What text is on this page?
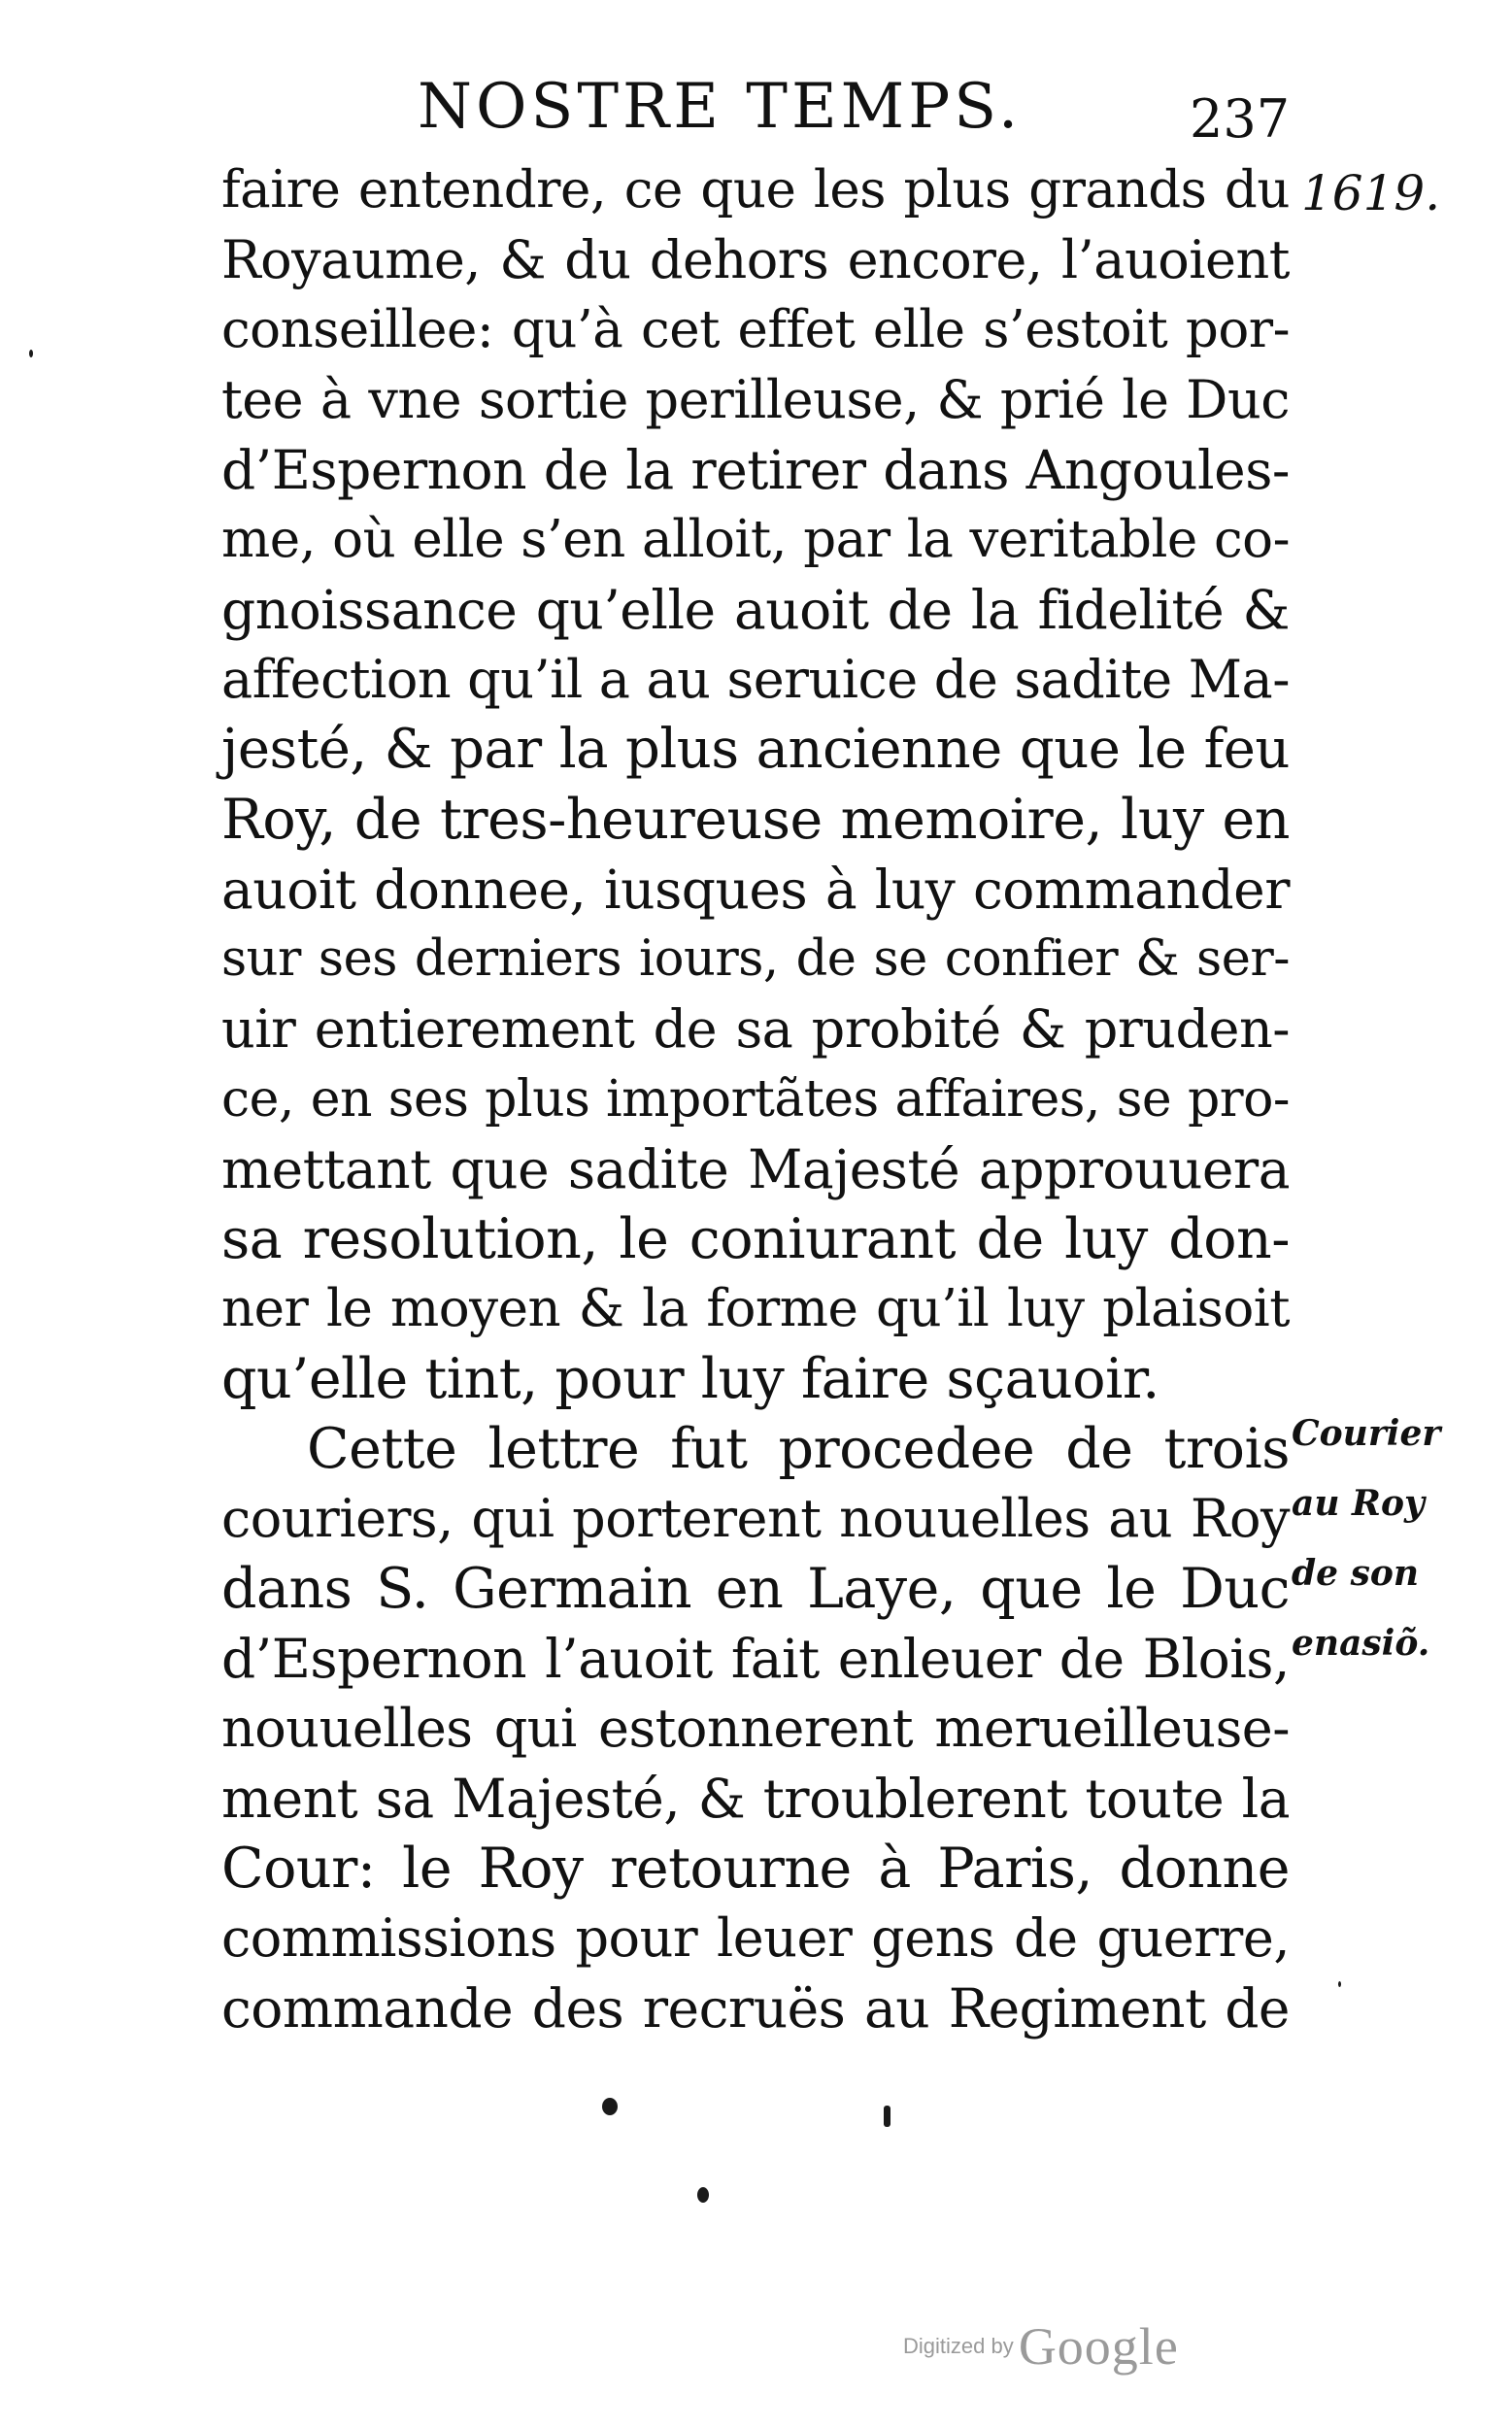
NOSTRE TEMPS.	237
1619.
faire entendre, ce que les plus grands du
Royaume, & du dehors encore, l’auoient
conseillee: qu’à cet effet elle s’estoit por-
tee à vne sortie perilleuse, & prié le Duc
d’Espernon de la retirer dans Angoules-
me, où elle s’en alloit, par la veritable co-
gnoissance qu’elle auoit de la fidelité &
affection qu’il a au seruice de sadite Ma-
jesté, & par la plus ancienne que le feu
Roy, de tres-heureuse memoire, luy en
auoit donnee, iusques à luy commander
sur ses derniers iours, de se confier & ser-
uir entierement de sa probité & pruden-
ce, en ses plus importãtes affaires, se pro-
mettant que sadite Majesté approuuera
sa resolution, le coniurant de luy don-
ner le moyen & la forme qu’il luy plaisoit
qu’elle tint, pour luy faire sçauoir.
Cette lettre fut procedee de trois
couriers, qui porterent nouuelles au Roy
dans S. Germain en Laye, que le Duc
d’Espernon l’auoit fait enleuer de Blois,
nouuelles qui estonnerent merueilleuse-
ment sa Majesté, & troublerent toute la
Cour: le Roy retourne à Paris, donne
commissions pour leuer gens de guerre,
commande des recruës au Regiment de
Courier
au Roy
de son
enasiõ.
Digitized by Google
